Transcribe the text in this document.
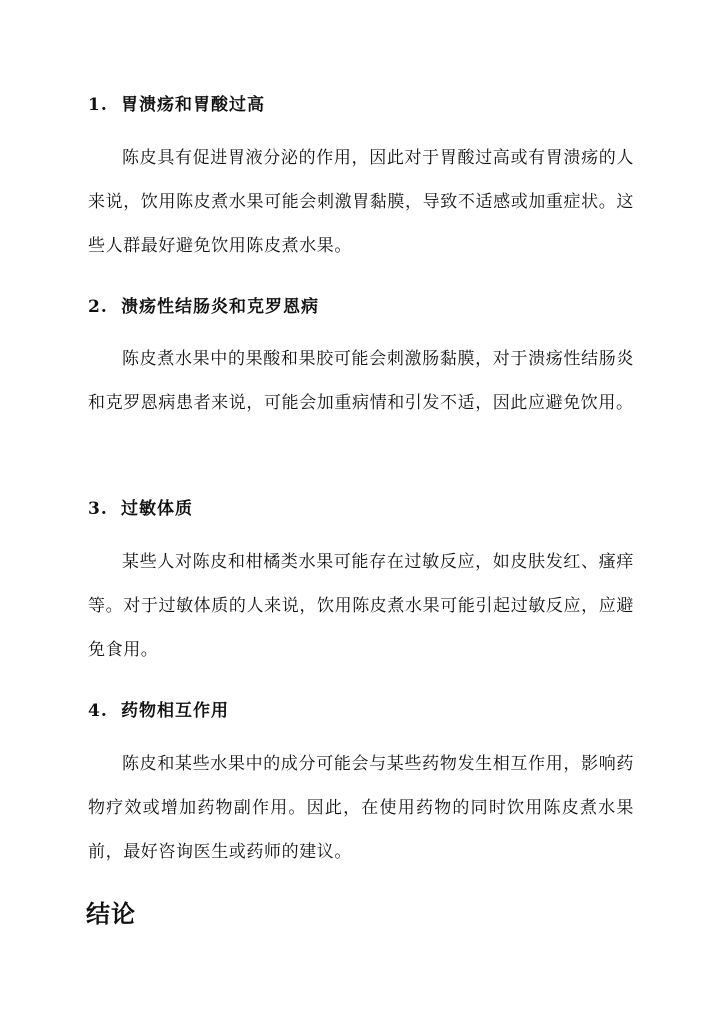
1. 胃溃疡和胃酸过高

陈皮具有促进胃液分泌的作用，因此对于胃酸过高或有胃溃疡的人来说，饮用陈皮煮水果可能会刺激胃黏膜，导致不适感或加重症状。这些人群最好避免饮用陈皮煮水果。

2. 溃疡性结肠炎和克罗恩病

陈皮煮水果中的果酸和果胶可能会刺激肠黏膜，对于溃疡性结肠炎和克罗恩病患者来说，可能会加重病情和引发不适，因此应避免饮用。

3. 过敏体质

某些人对陈皮和柑橘类水果可能存在过敏反应，如皮肤发红、瘙痒等。对于过敏体质的人来说，饮用陈皮煮水果可能引起过敏反应，应避免食用。

4. 药物相互作用

陈皮和某些水果中的成分可能会与某些药物发生相互作用，影响药物疗效或增加药物副作用。因此，在使用药物的同时饮用陈皮煮水果前，最好咨询医生或药师的建议。

结论
